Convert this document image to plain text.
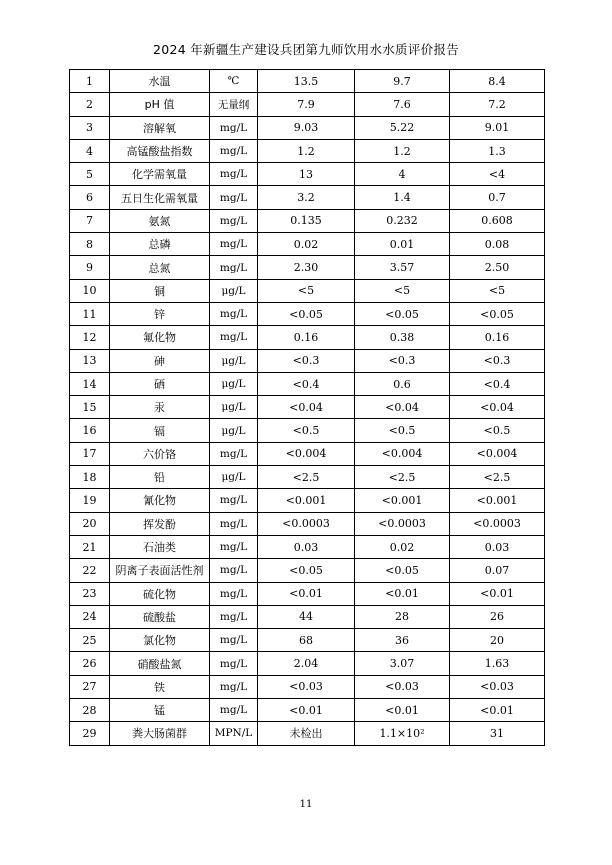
2024 年新疆生产建设兵团第九师饮用水水质评价报告
1	水温	℃	13.5	9.7	8.4
2	pH 值	无量纲	7.9	7.6	7.2
3	溶解氧	mg/L	9.03	5.22	9.01
4	高锰酸盐指数	mg/L	1.2	1.2	1.3
5	化学需氧量	mg/L	13	4	<4
6	五日生化需氧量	mg/L	3.2	1.4	0.7
7	氨氮	mg/L	0.135	0.232	0.608
8	总磷	mg/L	0.02	0.01	0.08
9	总氮	mg/L	2.30	3.57	2.50
10	铜	μg/L	<5	<5	<5
11	锌	mg/L	<0.05	<0.05	<0.05
12	氟化物	mg/L	0.16	0.38	0.16
13	砷	μg/L	<0.3	<0.3	<0.3
14	硒	μg/L	<0.4	0.6	<0.4
15	汞	μg/L	<0.04	<0.04	<0.04
16	镉	μg/L	<0.5	<0.5	<0.5
17	六价铬	mg/L	<0.004	<0.004	<0.004
18	铅	μg/L	<2.5	<2.5	<2.5
19	氰化物	mg/L	<0.001	<0.001	<0.001
20	挥发酚	mg/L	<0.0003	<0.0003	<0.0003
21	石油类	mg/L	0.03	0.02	0.03
22	阴离子表面活性剂	mg/L	<0.05	<0.05	0.07
23	硫化物	mg/L	<0.01	<0.01	<0.01
24	硫酸盐	mg/L	44	28	26
25	氯化物	mg/L	68	36	20
26	硝酸盐氮	mg/L	2.04	3.07	1.63
27	铁	mg/L	<0.03	<0.03	<0.03
28	锰	mg/L	<0.01	<0.01	<0.01
29	粪大肠菌群	MPN/L	未检出	1.1×10²	31
11
